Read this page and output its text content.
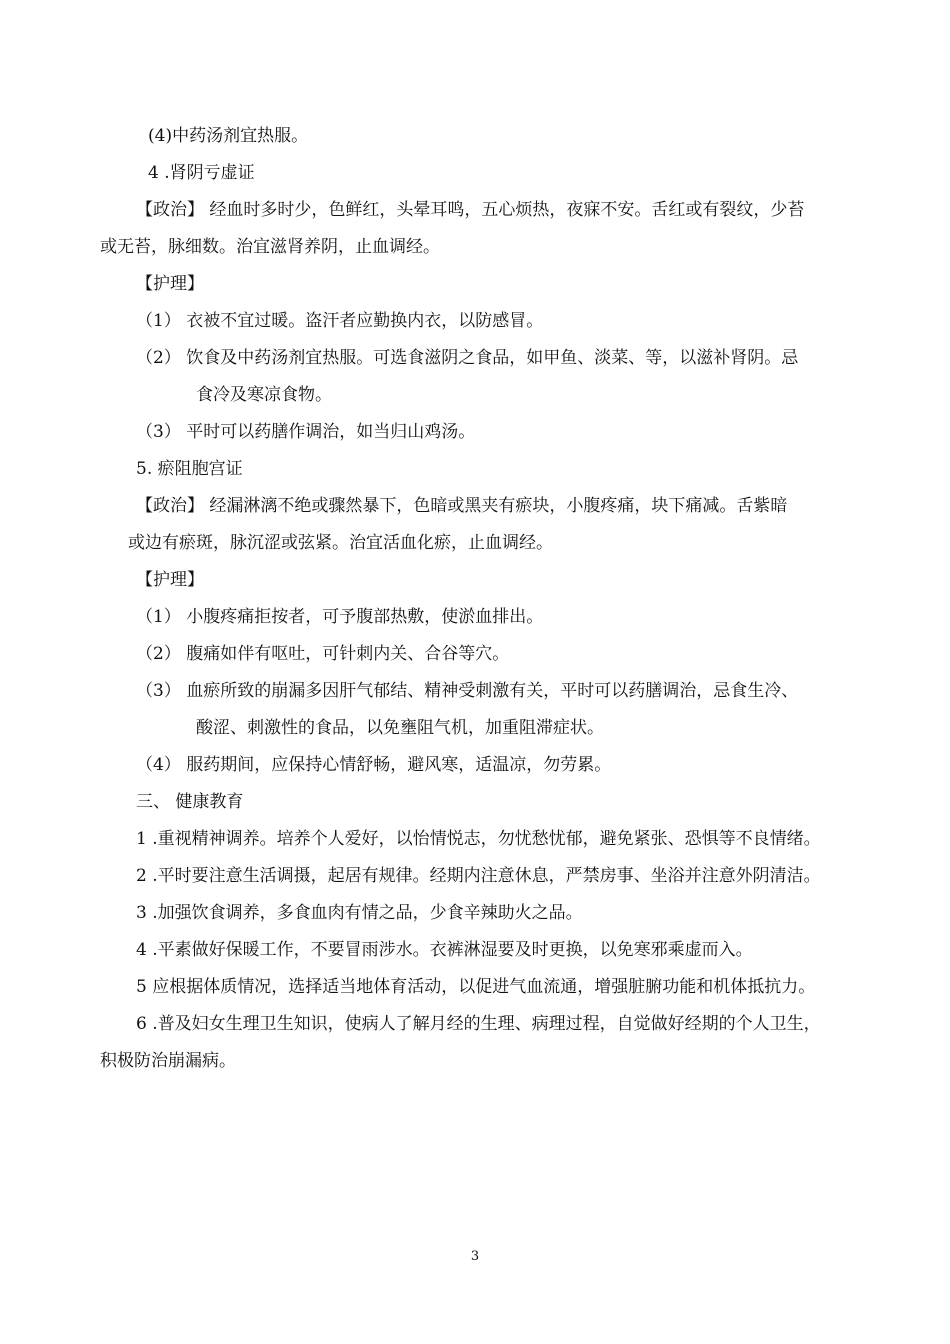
(4)中药汤剂宜热服。
4 .肾阴亏虚证
【政治】 经血时多时少，色鲜红，头晕耳鸣，五心烦热，夜寐不安。舌红或有裂纹，少苔
或无苔，脉细数。治宜滋肾养阴，止血调经。
【护理】
（1） 衣被不宜过暖。盗汗者应勤换内衣，以防感冒。
（2） 饮食及中药汤剂宜热服。可选食滋阴之食品，如甲鱼、淡菜、等，以滋补肾阴。忌
食冷及寒凉食物。
（3） 平时可以药膳作调治，如当归山鸡汤。
5. 瘀阻胞宫证
【政治】 经漏淋漓不绝或骤然暴下，色暗或黑夹有瘀块，小腹疼痛，块下痛减。舌紫暗
或边有瘀斑，脉沉涩或弦紧。治宜活血化瘀，止血调经。
【护理】
（1） 小腹疼痛拒按者，可予腹部热敷，使淤血排出。
（2） 腹痛如伴有呕吐，可针刺内关、合谷等穴。
（3） 血瘀所致的崩漏多因肝气郁结、精神受刺激有关，平时可以药膳调治，忌食生冷、
酸涩、刺激性的食品，以免壅阻气机，加重阻滞症状。
（4） 服药期间，应保持心情舒畅，避风寒，适温凉，勿劳累。
三、 健康教育
1 .重视精神调养。培养个人爱好，以怡情悦志，勿忧愁忧郁，避免紧张、恐惧等不良情绪。
2 .平时要注意生活调摄，起居有规律。经期内注意休息，严禁房事、坐浴并注意外阴清洁。
3 .加强饮食调养，多食血肉有情之品，少食辛辣助火之品。
4 .平素做好保暖工作，不要冒雨涉水。衣裤淋湿要及时更换，以免寒邪乘虚而入。
5 应根据体质情况，选择适当地体育活动，以促进气血流通，增强脏腑功能和机体抵抗力。
6 .普及妇女生理卫生知识，使病人了解月经的生理、病理过程，自觉做好经期的个人卫生，
积极防治崩漏病。
3
